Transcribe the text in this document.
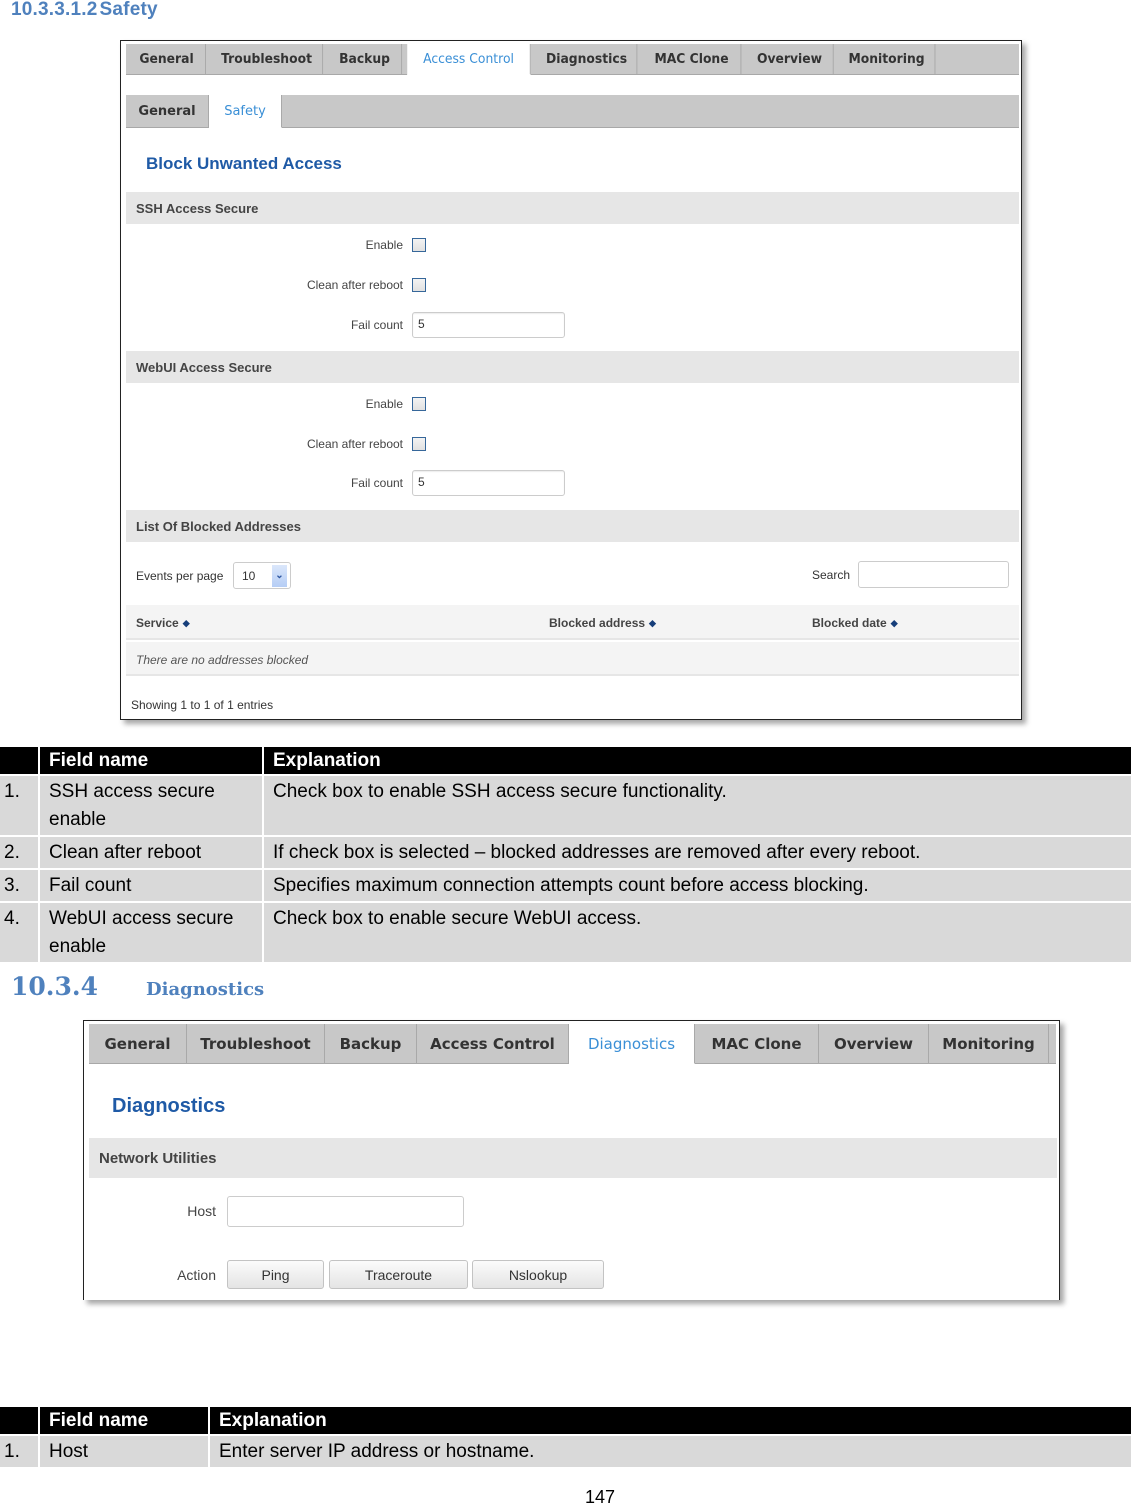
10.3.3.1.2 Safety
General Troubleshoot Backup	Access Control Diagnostics MAC Clone Overview Monitoring
General Safety
Block Unwanted Access
SSH Access Secure
Enable
Clean after reboot
Fail count	5
WebUI Access Secure
Enable
Clean after reboot
Fail count	5
List Of Blocked Addresses
Events per page	10	⌄	Search
Service ◆	Blocked address ◆	Blocked date ◆
There are no addresses blocked
Showing 1 to 1 of 1 entries
	Field name	Explanation
1.	SSH access secure enable	Check box to enable SSH access secure functionality.
2.	Clean after reboot	If check box is selected – blocked addresses are removed after every reboot.
3.	Fail count	Specifies maximum connection attempts count before access blocking.
4.	WebUI access secure enable	Check box to enable secure WebUI access.
10.3.4	Diagnostics
General Troubleshoot Backup Access Control Diagnostics MAC Clone Overview Monitoring
Diagnostics
Network Utilities
Host
Action	Ping	Traceroute	Nslookup
	Field name	Explanation
1.	Host	Enter server IP address or hostname.
147
